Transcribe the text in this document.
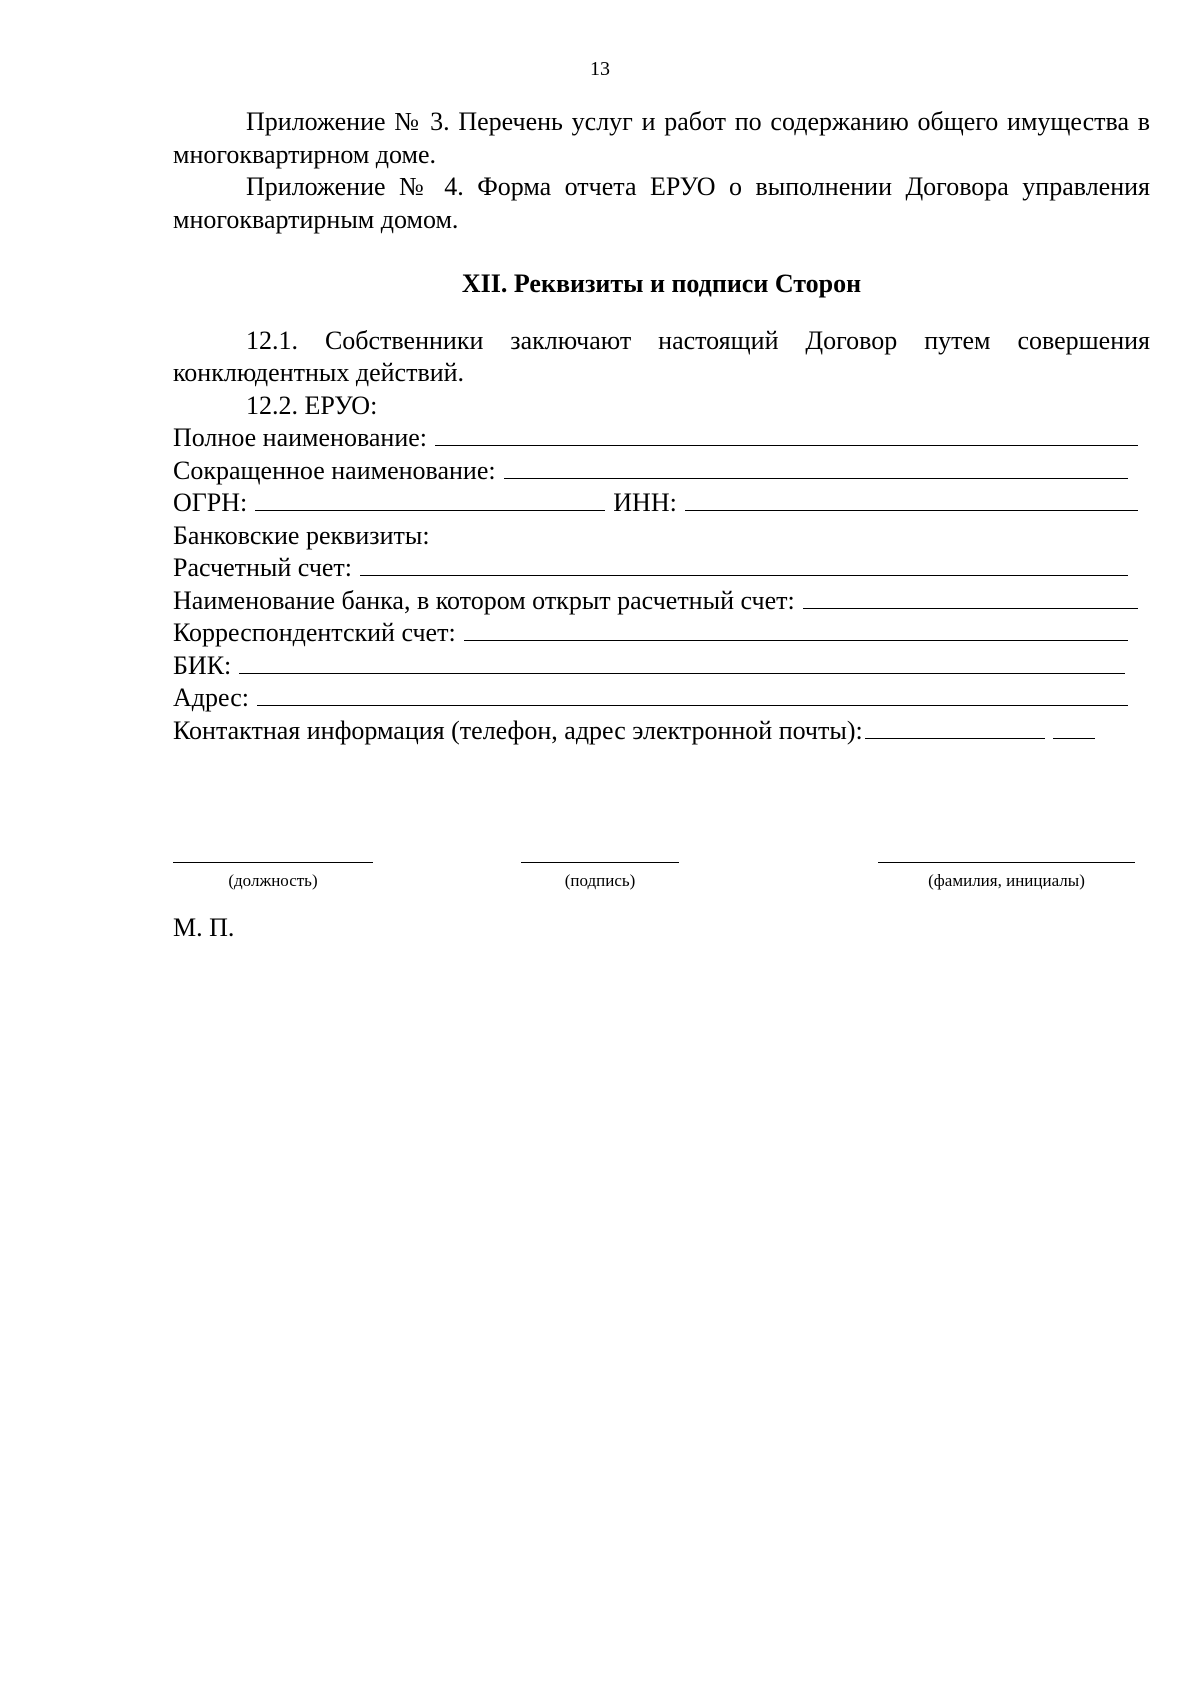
13

Приложение № 3. Перечень услуг и работ по содержанию общего имущества в многоквартирном доме.

Приложение № 4. Форма отчета ЕРУО о выполнении Договора управления многоквартирным домом.

XII. Реквизиты и подписи Сторон

12.1. Собственники заключают настоящий Договор путем совершения конклюдентных действий.

12.2. ЕРУО:
Полное наименование:
Сокращенное наименование:
ОГРН:	ИНН:
Банковские реквизиты:
Расчетный счет:
Наименование банка, в котором открыт расчетный счет:
Корреспондентский счет:
БИК:
Адрес:
Контактная информация (телефон, адрес электронной почты):
(должность)	(подпись)	(фамилия, инициалы)
М. П.
